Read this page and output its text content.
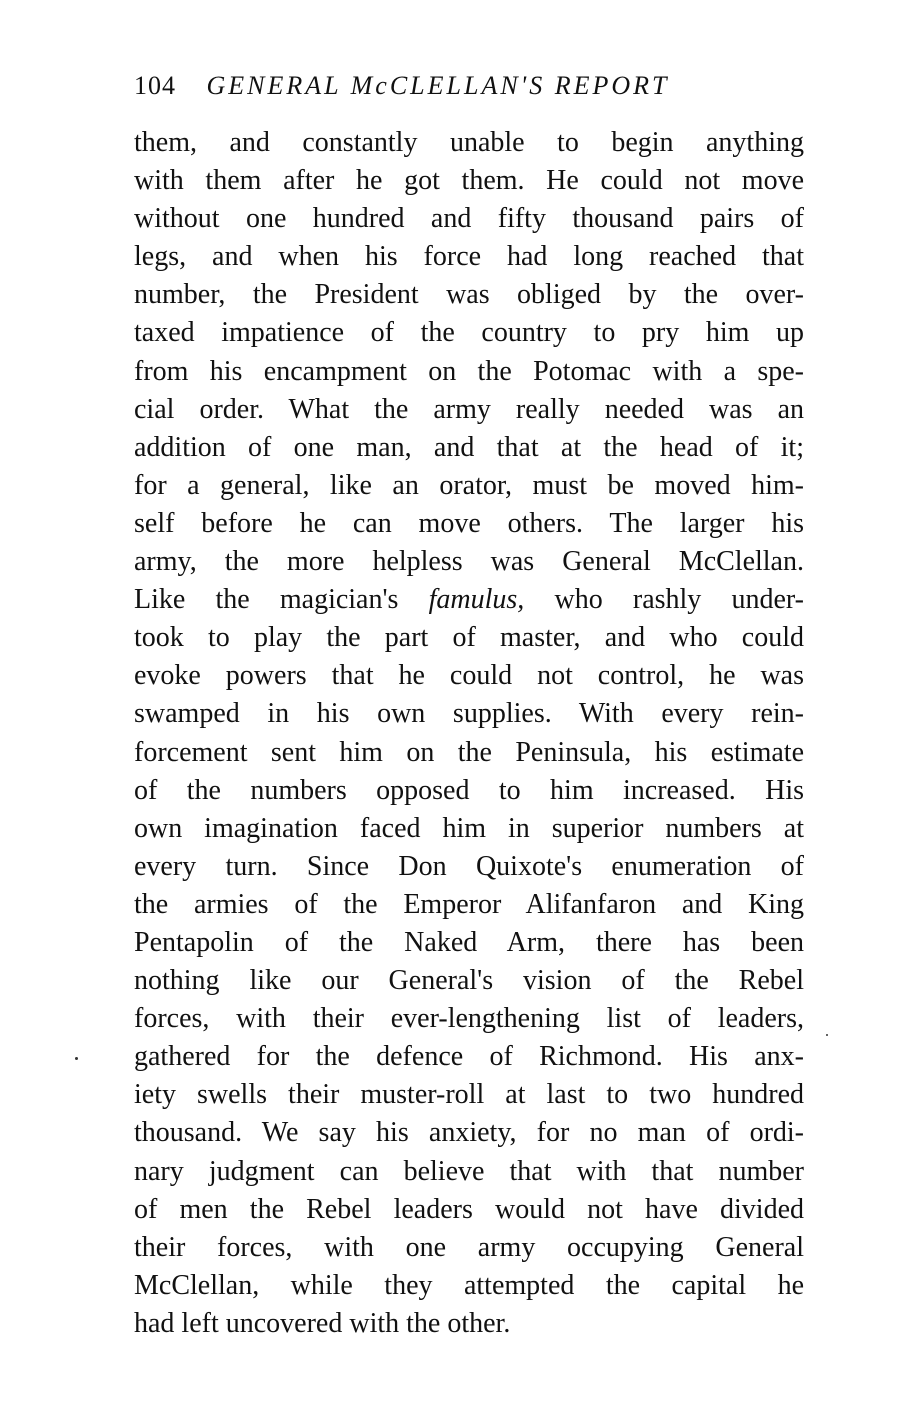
104 GENERAL McCLELLAN'S REPORT
them, and constantly unable to begin anything
with them after he got them. He could not move
without one hundred and fifty thousand pairs of
legs, and when his force had long reached that
number, the President was obliged by the over-
taxed impatience of the country to pry him up
from his encampment on the Potomac with a spe-
cial order. What the army really needed was an
addition of one man, and that at the head of it;
for a general, like an orator, must be moved him-
self before he can move others. The larger his
army, the more helpless was General McClellan.
Like the magician's famulus, who rashly under-
took to play the part of master, and who could
evoke powers that he could not control, he was
swamped in his own supplies. With every rein-
forcement sent him on the Peninsula, his estimate
of the numbers opposed to him increased. His
own imagination faced him in superior numbers at
every turn. Since Don Quixote's enumeration of
the armies of the Emperor Alifanfaron and King
Pentapolin of the Naked Arm, there has been
nothing like our General's vision of the Rebel
forces, with their ever-lengthening list of leaders,
gathered for the defence of Richmond. His anx-
iety swells their muster-roll at last to two hundred
thousand. We say his anxiety, for no man of ordi-
nary judgment can believe that with that number
of men the Rebel leaders would not have divided
their forces, with one army occupying General
McClellan, while they attempted the capital he
had left uncovered with the other.
